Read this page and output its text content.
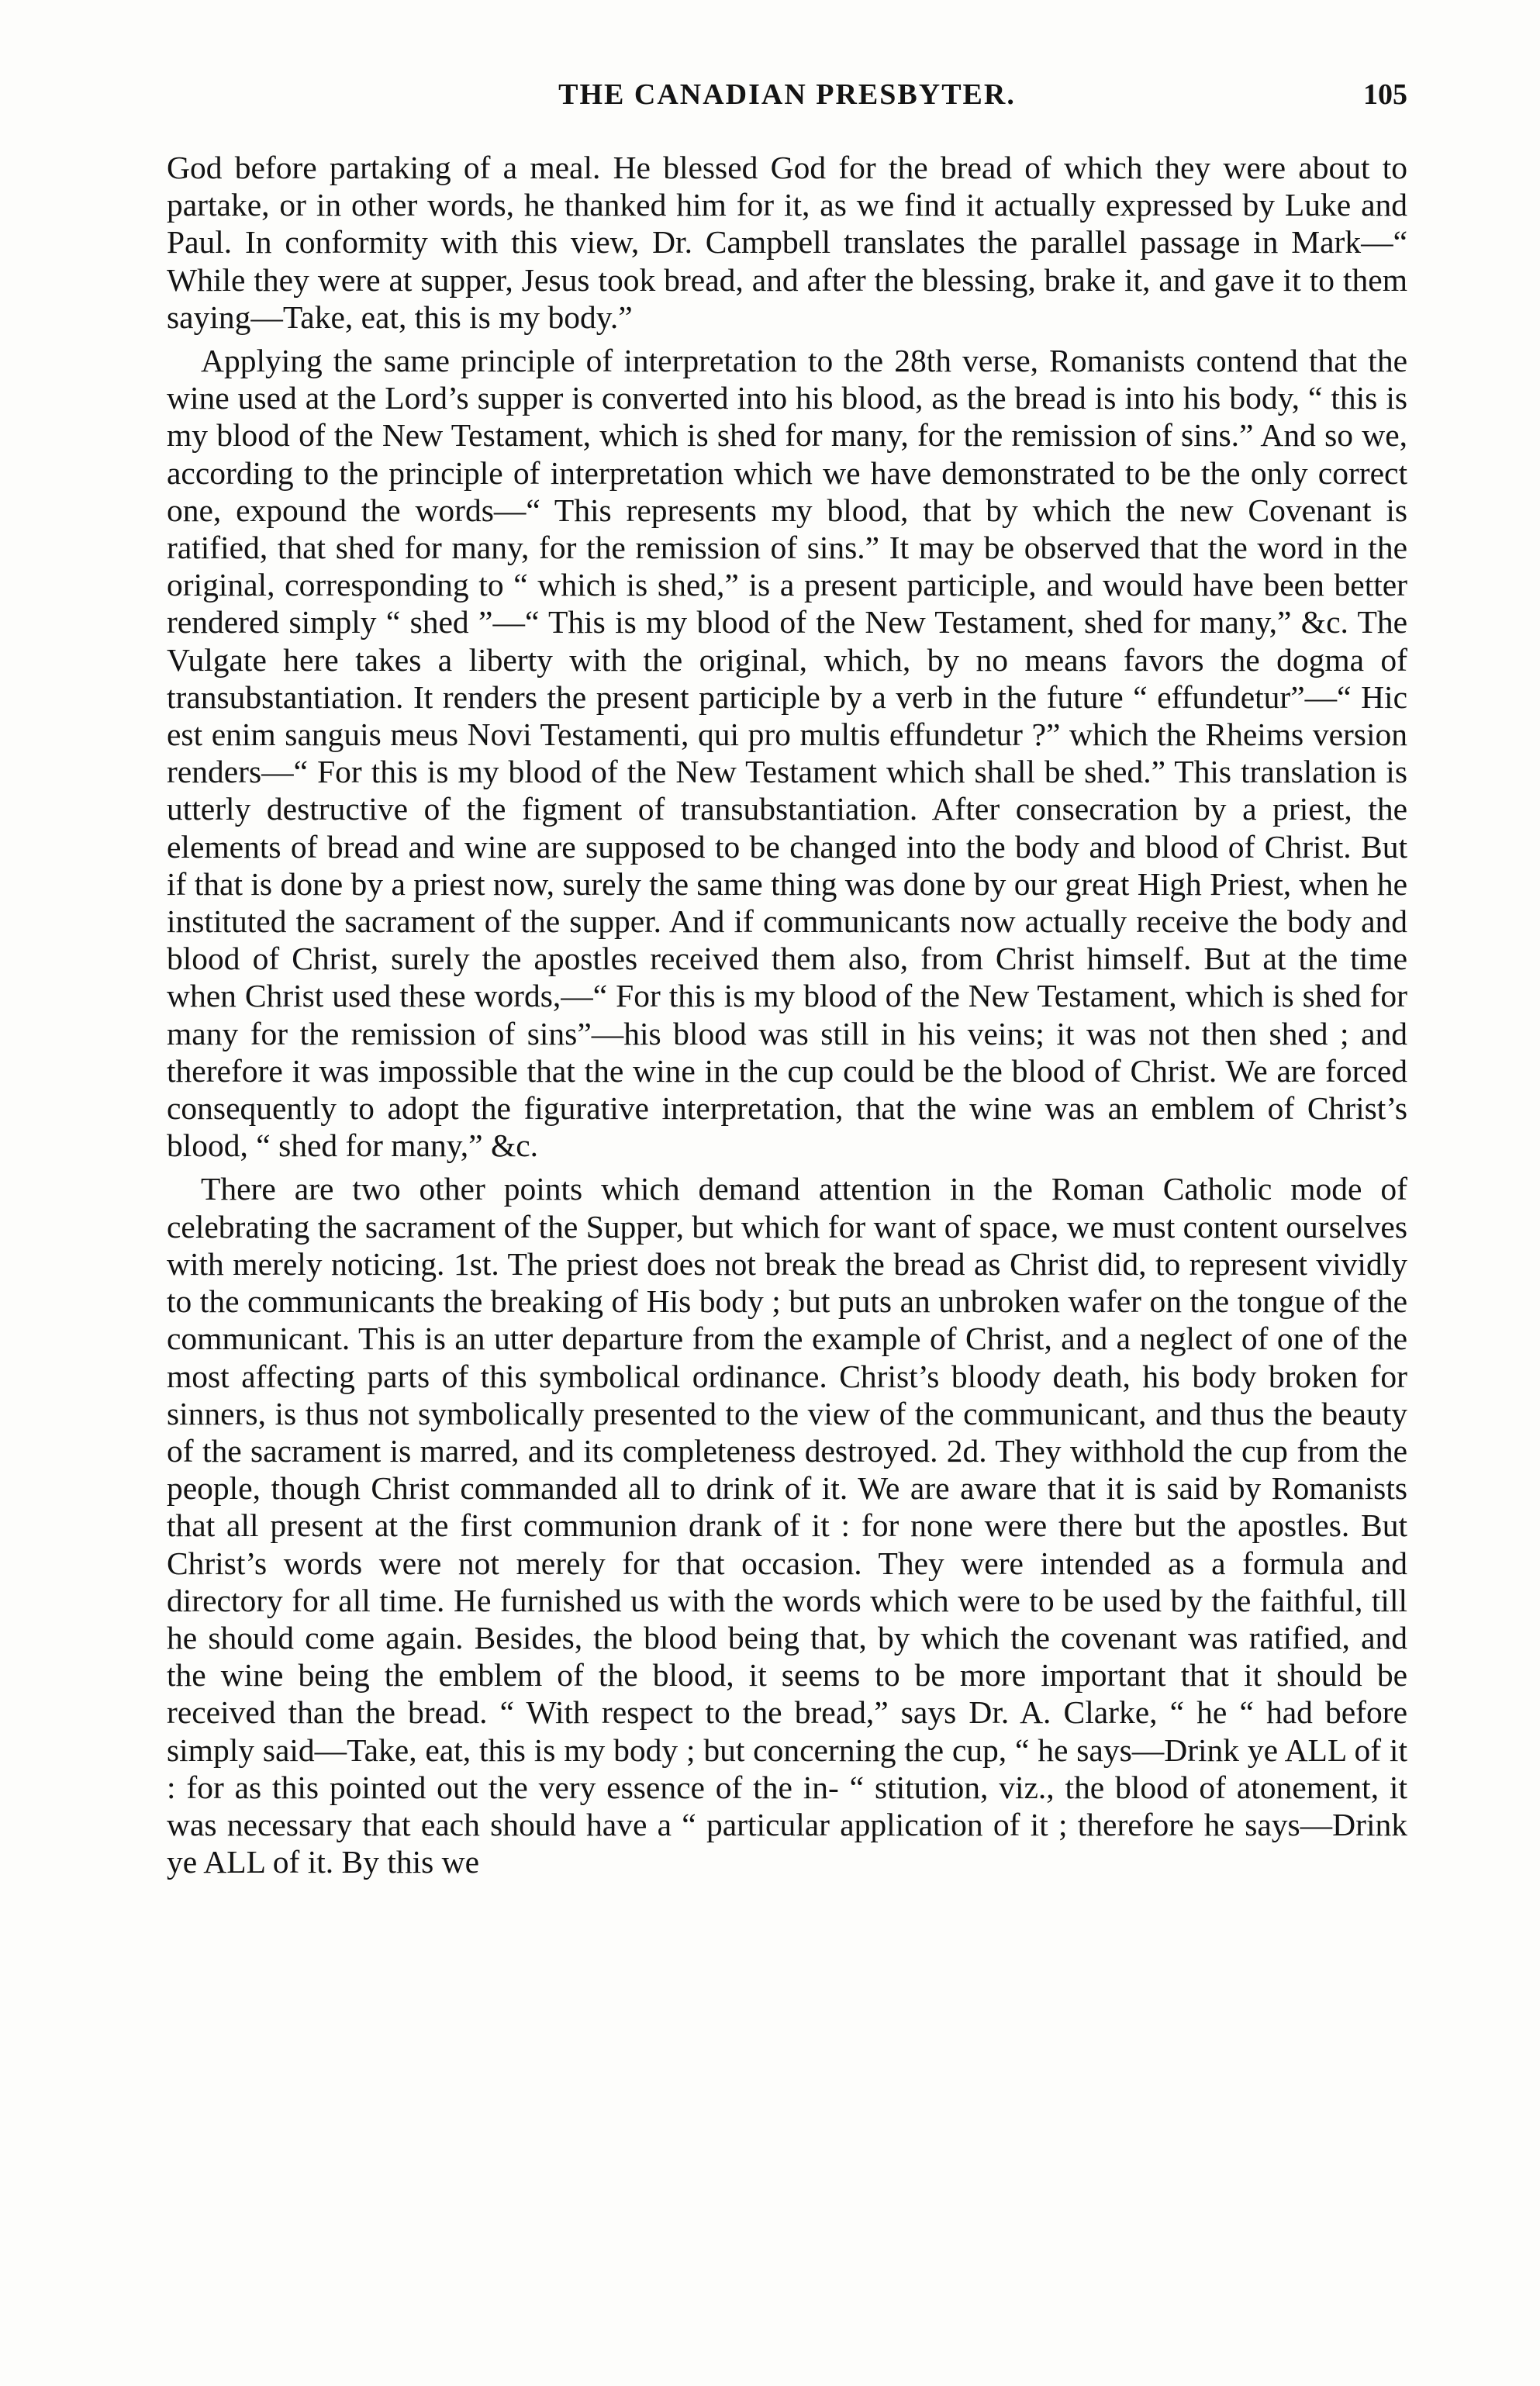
THE CANADIAN PRESBYTER.	105

God before partaking of a meal. He blessed God for the bread of which they were about to partake, or in other words, he thanked him for it, as we find it actually expressed by Luke and Paul. In conformity with this view, Dr. Campbell translates the parallel passage in Mark—“ While they were at supper, Jesus took bread, and after the blessing, brake it, and gave it to them saying—Take, eat, this is my body.”

Applying the same principle of interpretation to the 28th verse, Romanists contend that the wine used at the Lord’s supper is converted into his blood, as the bread is into his body, “ this is my blood of the New Testament, which is shed for many, for the remission of sins.” And so we, according to the principle of interpretation which we have demonstrated to be the only correct one, expound the words—“ This represents my blood, that by which the new Covenant is ratified, that shed for many, for the remission of sins.” It may be observed that the word in the original, corresponding to “ which is shed,” is a present participle, and would have been better rendered simply “ shed ”—“ This is my blood of the New Testament, shed for many,” &c. The Vulgate here takes a liberty with the original, which, by no means favors the dogma of transubstantiation. It renders the present participle by a verb in the future “ effundetur”—“ Hic est enim sanguis meus Novi Testamenti, qui pro multis effundetur ?” which the Rheims version renders—“ For this is my blood of the New Testament which shall be shed.” This translation is utterly destructive of the figment of transubstantiation. After consecration by a priest, the elements of bread and wine are supposed to be changed into the body and blood of Christ. But if that is done by a priest now, surely the same thing was done by our great High Priest, when he instituted the sacrament of the supper. And if communicants now actually receive the body and blood of Christ, surely the apostles received them also, from Christ himself. But at the time when Christ used these words,—“ For this is my blood of the New Testament, which is shed for many for the remission of sins”—his blood was still in his veins; it was not then shed ; and therefore it was impossible that the wine in the cup could be the blood of Christ. We are forced consequently to adopt the figurative interpretation, that the wine was an emblem of Christ’s blood, “ shed for many,” &c.

There are two other points which demand attention in the Roman Catholic mode of celebrating the sacrament of the Supper, but which for want of space, we must content ourselves with merely noticing. 1st. The priest does not break the bread as Christ did, to represent vividly to the communicants the breaking of His body ; but puts an unbroken wafer on the tongue of the communicant. This is an utter departure from the example of Christ, and a neglect of one of the most affecting parts of this symbolical ordinance. Christ’s bloody death, his body broken for sinners, is thus not symbolically presented to the view of the communicant, and thus the beauty of the sacrament is marred, and its completeness destroyed. 2d. They withhold the cup from the people, though Christ commanded all to drink of it. We are aware that it is said by Romanists that all present at the first communion drank of it : for none were there but the apostles. But Christ’s words were not merely for that occasion. They were intended as a formula and directory for all time. He furnished us with the words which were to be used by the faithful, till he should come again. Besides, the blood being that, by which the covenant was ratified, and the wine being the emblem of the blood, it seems to be more important that it should be received than the bread. “ With respect to the bread,” says Dr. A. Clarke, “ he “ had before simply said—Take, eat, this is my body ; but concerning the cup, “ he says—Drink ye ALL of it : for as this pointed out the very essence of the in- “ stitution, viz., the blood of atonement, it was necessary that each should have a “ particular application of it ; therefore he says—Drink ye ALL of it. By this we
